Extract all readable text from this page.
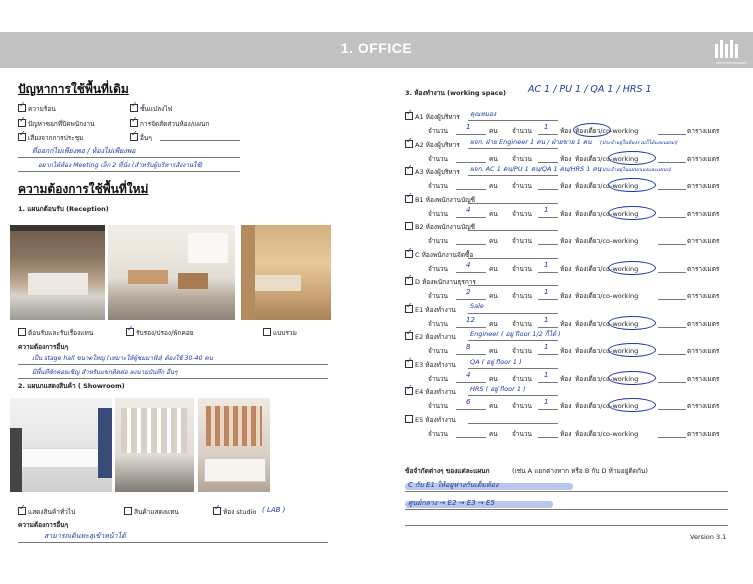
1. OFFICE
EIGHT ENTERPRISES
ปัญหาการใช้พื้นที่เดิม
✓ความร้อน
✓ปัญหาซอกที่ปิดพนักงาน
✓เสียงจากการประชุม
✓ชั้นแปลงไฟ
✓การจัดสัดส่วนห้อง/แผนก
✓อื่นๆ
ที่ออกก่ไม่เพียงพอ / ห้องไม่เพียงพอ
อยากได้ห้อง Meeting เล็ก 2 ที่นั่ง (สำหรับผู้บริหารสั่งงานใช้)
ความต้องการใช้พื้นที่ใหม่
1. แผนกต้อนรับ (Reception)
ต้อนรับและรับเรื่องแทน ✓	รับรอง/ปรอง/พักคอย	แบบรวม
ความต้องการอื่นๆ
เป็น stage hall ขนาดใหญ่ (เหมาะให้ผู้ชมมาฟัง) ต้องใช้ 30-40 คน
มีพื้นที่พักคอยเชิญ สำหรับแขกติดต่อ ลงนามบันทึก อื่นๆ
2. แผนกแสดงสินค้า ( Showroom)
✓แสดงสินค้าทั่วไป	สินค้าแสดงแทน ✓	ห้อง studio ( LAB )
ความต้องการอื่นๆ
สามารถเดินทะลุเข้าหน้าได้
3. ห้องทำงาน (working space) AC 1 / PU 1 / QA 1 / HRS 1
✓A1 ห้องผู้บริหาร คุณหมอง
จำนวน	1	คน จำนวน 1 ห้อง ห้องเดี่ยว/co-working	ตารางเมตร
✓A2 ห้องผู้บริหาร ผจก. ฝ่าย Engineer 1 คน / ฝ่ายขาย 1 คน (ประจำอยู่ในห้องรวมก็ได้และแผนก)
จำนวน	คน จำนวน	ห้อง ห้องเดี่ยว/co-working	ตารางเมตร
✓A3 ห้องผู้บริหาร ผจก. AC 1 คน/PU 1 คน/QA 1 คน/HRS 1 คน
(ประจำอยู่ในแผนกเองและแผนก)
จำนวน	คน จำนวน	ห้อง ห้องเดี่ยว/co-working	ตารางเมตร
✓B1 ห้องพนักงานบัญชี
จำนวน	4	คน จำนวน 1 ห้อง ห้องเดี่ยว/co-working	ตารางเมตร
B2 ห้องพนักงานบัญชี
จำนวน	คน จำนวน	ห้อง ห้องเดี่ยว/co-working	ตารางเมตร
✓C ห้องพนักงานจัดซื้อ
จำนวน	4	คน จำนวน 1 ห้อง ห้องเดี่ยว/co-working	ตารางเมตร
✓D ห้องพนักงานธุรการ
จำนวน	2	คน จำนวน 1 ห้อง ห้องเดี่ยว/co-working	ตารางเมตร
✓E1 ห้องทำงาน Sale
จำนวน	12 คน จำนวน 1 ห้อง ห้องเดี่ยว/co-working	ตารางเมตร
✓E2 ห้องทำงาน Engineer ( อยู่ floor 1/2 ก็ได้ )
จำนวน	8	คน จำนวน 1 ห้อง ห้องเดี่ยว/co-working	ตารางเมตร
✓E3 ห้องทำงาน QA ( อยู่ floor 1 )
จำนวน	4	คน จำนวน 1 ห้อง ห้องเดี่ยว/co-working	ตารางเมตร
✓E4 ห้องทำงาน HRS ( อยู่ floor 1 )
จำนวน	6	คน จำนวน 1 ห้อง ห้องเดี่ยว/co-working	ตารางเมตร
E5 ห้องทำงาน
จำนวน	คน จำนวน	ห้อง ห้องเดี่ยว/co-working	ตารางเมตร
ข้อจำกัดต่างๆ ของแต่ละแผนก	(เช่น A แยกต่างหาก หรือ B กับ D ห้ามอยู่ติดกัน)
C กับ E1 ให้อยู่ห่างกันเต็มห้อง
ศูนย์กลาง → E2 → E3 → E5
Version 3.1
